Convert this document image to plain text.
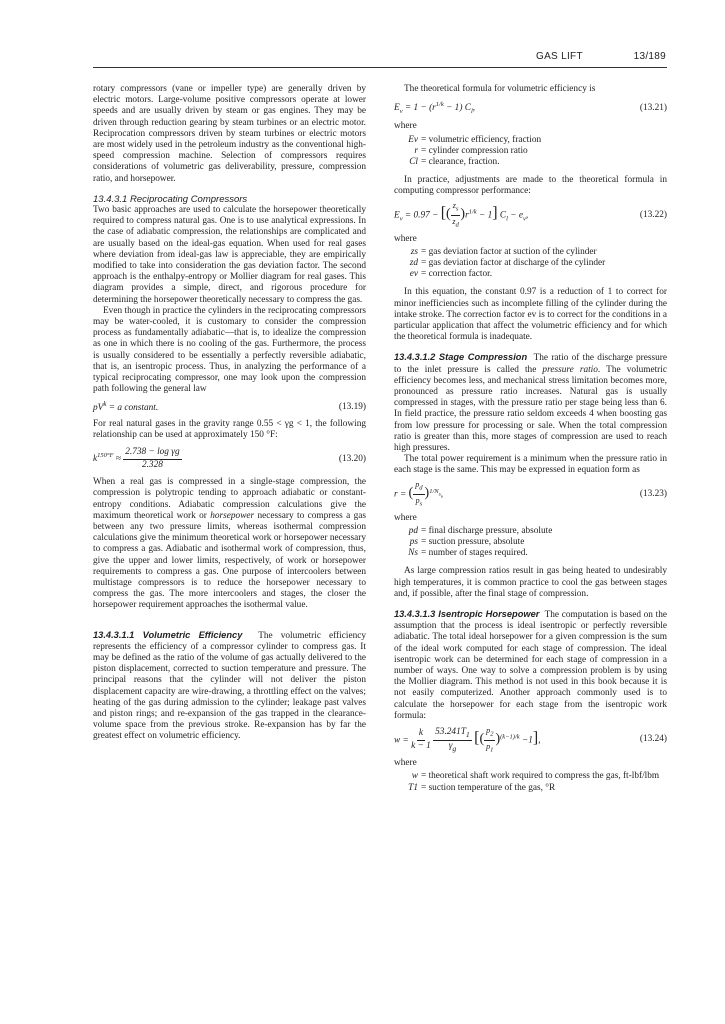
GAS LIFT	13/189

rotary compressors (vane or impeller type) are generally driven by electric motors. Large-volume positive compressors operate at lower speeds and are usually driven by steam or gas engines. They may be driven through reduction gearing by steam turbines or an electric motor. Reciprocation compressors driven by steam turbines or electric motors are most widely used in the petroleum industry as the conventional high-speed compression machine. Selection of compressors requires considerations of volumetric gas deliverability, pressure, compression ratio, and horsepower.

13.4.3.1 Reciprocating Compressors

Two basic approaches are used to calculate the horsepower theoretically required to compress natural gas. One is to use analytical expressions. In the case of adiabatic compression, the relationships are complicated and are usually based on the ideal-gas equation. When used for real gases where deviation from ideal-gas law is appreciable, they are empirically modified to take into consideration the gas deviation factor. The second approach is the enthalpy-entropy or Mollier diagram for real gases. This diagram provides a simple, direct, and rigorous procedure for determining the horsepower theoretically necessary to compress the gas.

Even though in practice the cylinders in the reciprocating compressors may be water-cooled, it is customary to consider the compression process as fundamentally adiabatic—that is, to idealize the compression as one in which there is no cooling of the gas. Furthermore, the process is usually considered to be essentially a perfectly reversible adiabatic, that is, an isentropic process. Thus, in analyzing the performance of a typical reciprocating compressor, one may look upon the compression path following the general law

$pV^k = a$ constant.	(13.19)

For real natural gases in the gravity range 0.55 < γg < 1, the following relationship can be used at approximately 150 °F:

$k^{150^\circ F} \approx \frac{\text{2.738 − log γg}}{2.328}$	(13.20)

When a real gas is compressed in a single-stage compression, the compression is polytropic tending to approach adiabatic or constant-entropy conditions. Adiabatic compression calculations give the maximum theoretical work or horsepower necessary to compress a gas between any two pressure limits, whereas isothermal compression calculations give the minimum theoretical work or horsepower necessary to compress a gas. Adiabatic and isothermal work of compression, thus, give the upper and lower limits, respectively, of work or horsepower requirements to compress a gas. One purpose of intercoolers between multistage compressors is to reduce the horsepower necessary to compress the gas. The more intercoolers and stages, the closer the horsepower requirement approaches the isothermal value.

13.4.3.1.1 Volumetric Efficiency The volumetric efficiency represents the efficiency of a compressor cylinder to compress gas. It may be defined as the ratio of the volume of gas actually delivered to the piston displacement, corrected to suction temperature and pressure. The principal reasons that the cylinder will not deliver the piston displacement capacity are wire-drawing, a throttling effect on the valves; heating of the gas during admission to the cylinder; leakage past valves and piston rings; and re-expansion of the gas trapped in the clearance-volume space from the previous stroke. Re-expansion has by far the greatest effect on volumetric efficiency.

The theoretical formula for volumetric efficiency is

$E_v = 1 - (r^{1/k} - 1)$ $C_l$,	(13.21)
where
Ev = volumetric efficiency, fraction
r = cylinder compression ratio
Cl = clearance, fraction.

In practice, adjustments are made to the theoretical formula in computing compressor performance:

$E_v = 0.97$ − [( $\frac{z_s}{z_d} )r^{1/k} - 1$] $C_l - e_v$,	(13.22)
where
zs = gas deviation factor at suction of the cylinder
zd = gas deviation factor at discharge of the cylinder
ev = correction factor.

In this equation, the constant 0.97 is a reduction of 1 to correct for minor inefficiencies such as incomplete filling of the cylinder during the intake stroke. The correction factor ev is to correct for the conditions in a particular application that affect the volumetric efficiency and for which the theoretical formula is inadequate.

13.4.3.1.2 Stage Compression The ratio of the discharge pressure to the inlet pressure is called the pressure ratio. The volumetric efficiency becomes less, and mechanical stress limitation becomes more, pronounced as pressure ratio increases. Natural gas is usually compressed in stages, with the pressure ratio per stage being less than 6. In field practice, the pressure ratio seldom exceeds 4 when boosting gas from low pressure for processing or sale. When the total compression ratio is greater than this, more stages of compression are used to reach high pressures.

The total power requirement is a minimum when the pressure ratio in each stage is the same. This may be expressed in equation form as

r = ( $\frac{p_d}{p_s} )^{1/N_s}$,	(13.23)
where
pd = final discharge pressure, absolute
ps = suction pressure, absolute
Ns = number of stages required.

As large compression ratios result in gas being heated to undesirably high temperatures, it is common practice to cool the gas between stages and, if possible, after the final stage of compression.

13.4.3.1.3 Isentropic Horsepower The computation is based on the assumption that the process is ideal isentropic or perfectly reversible adiabatic. The total ideal horsepower for a given compression is the sum of the ideal work computed for each stage of compression. The ideal isentropic work can be determined for each stage of compression in a number of ways. One way to solve a compression problem is by using the Mollier diagram. This method is not used in this book because it is not easily computerized. Another approach commonly used is to calculate the horsepower for each stage from the isentropic work formula:

$w = \frac{k}{k - 1}$
$\frac{53.241T_1}{\gamma_g}$ [( $\frac{p_2}{p_1} )^{(k-1)/k} -1$],	(13.24)
where
w = theoretical shaft work required to compress the gas, ft-lbf/lbm
T1 = suction temperature of the gas, °R
